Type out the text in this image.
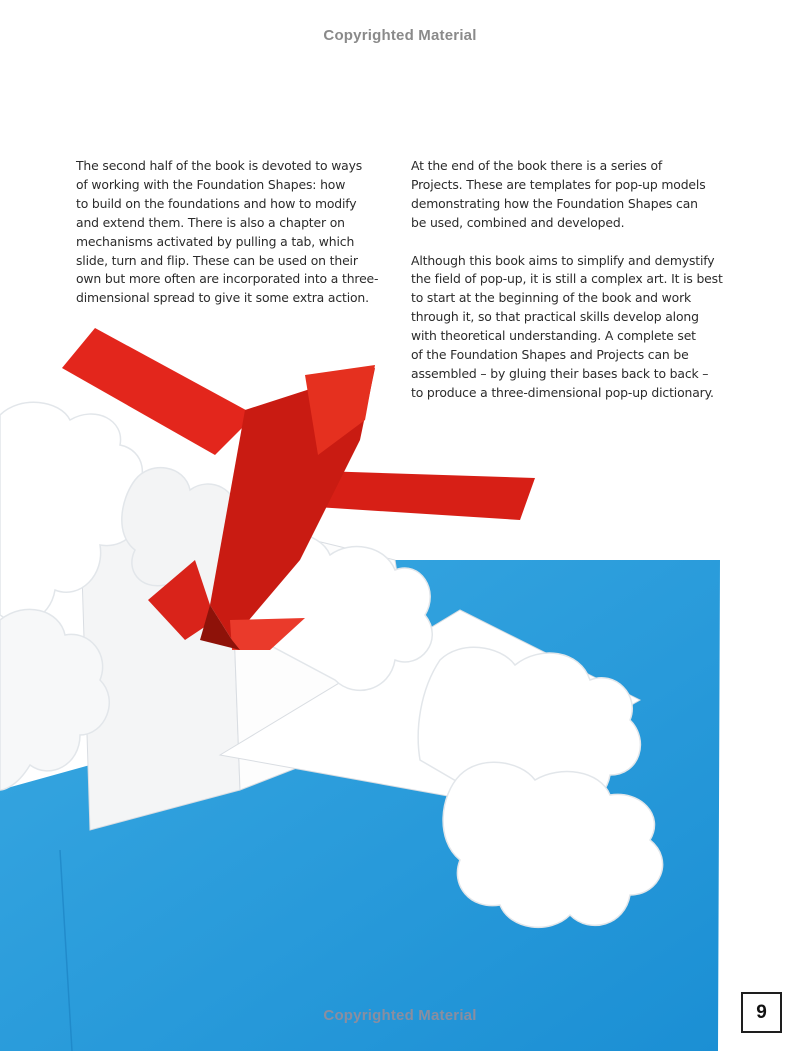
Copyrighted Material

The second half of the book is devoted to ways
of working with the Foundation Shapes: how
to build on the foundations and how to modify
and extend them. There is also a chapter on
mechanisms activated by pulling a tab, which
slide, turn and flip. These can be used on their
own but more often are incorporated into a three-
dimensional spread to give it some extra action.

At the end of the book there is a series of
Projects. These are templates for pop-up models
demonstrating how the Foundation Shapes can
be used, combined and developed.

Although this book aims to simplify and demystify
the field of pop-up, it is still a complex art. It is best
to start at the beginning of the book and work
through it, so that practical skills develop along
with theoretical understanding. A complete set
of the Foundation Shapes and Projects can be
assembled – by gluing their bases back to back –
to produce a three-dimensional pop-up dictionary.

Copyrighted Material	9
